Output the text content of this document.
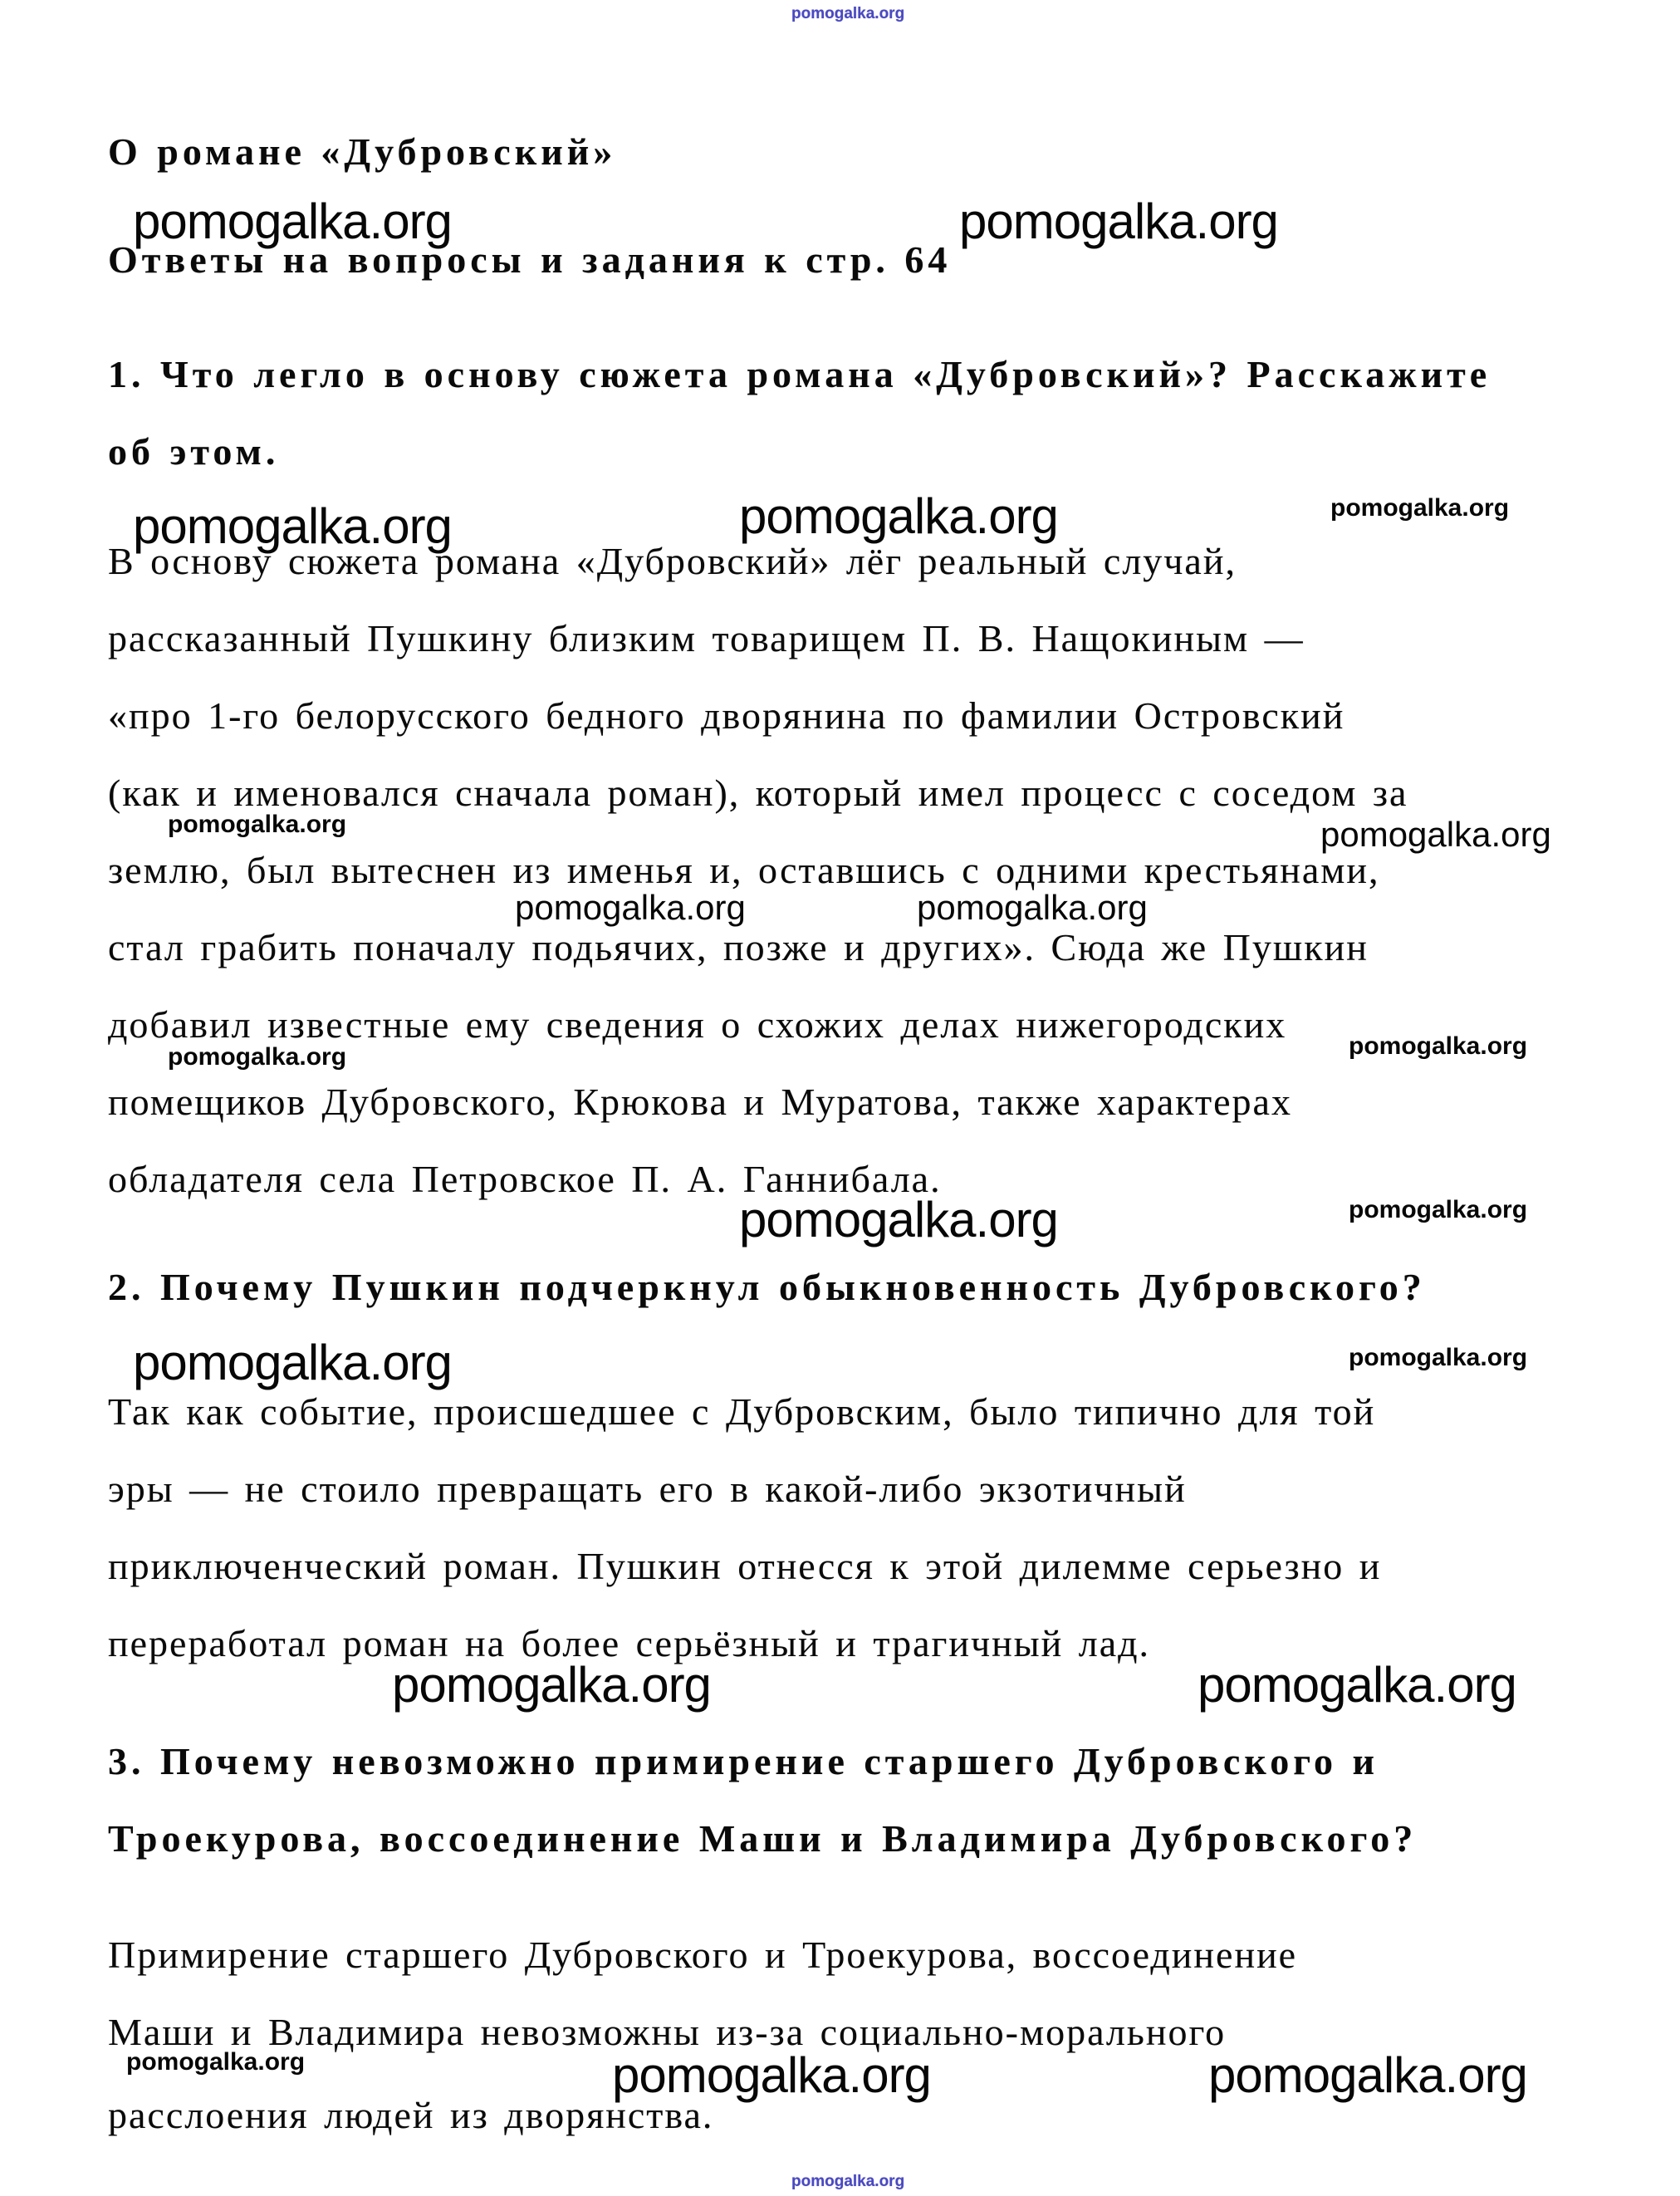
pomogalka.org
О романе «Дубровский»
pomogalka.org	pomogalka.org
Ответы на вопросы и задания к стр. 64
1. Что легло в основу сюжета романа «Дубровский»? Расскажите
об этом.
pomogalka.org	pomogalka.org	pomogalka.org
В основу сюжета романа «Дубровский» лёг реальный случай,
рассказанный Пушкину близким товарищем П. В. Нащокиным —
«про 1-го белорусского бедного дворянина по фамилии Островский
(как и именовался сначала роман), который имел процесс с соседом за
pomogalka.org	pomogalka.org
землю, был вытеснен из именья и, оставшись с одними крестьянами,
pomogalka.org	pomogalka.org
стал грабить поначалу подьячих, позже и других». Сюда же Пушкин
добавил известные ему сведения о схожих делах нижегородских
pomogalka.org	pomogalka.org
помещиков Дубровского, Крюкова и Муратова, также характерах
обладателя села Петровское П. А. Ганнибала.
pomogalka.org	pomogalka.org
2. Почему Пушкин подчеркнул обыкновенность Дубровского?
pomogalka.org	pomogalka.org
Так как событие, происшедшее с Дубровским, было типично для той
эры — не стоило превращать его в какой-либо экзотичный
приключенческий роман. Пушкин отнесся к этой дилемме серьезно и
переработал роман на более серьёзный и трагичный лад.
pomogalka.org	pomogalka.org
3. Почему невозможно примирение старшего Дубровского и
Троекурова, воссоединение Маши и Владимира Дубровского?
Примирение старшего Дубровского и Троекурова, воссоединение
Маши и Владимира невозможны из-за социально-морального
pomogalka.org	pomogalka.org	pomogalka.org
расслоения людей из дворянства.
pomogalka.org
